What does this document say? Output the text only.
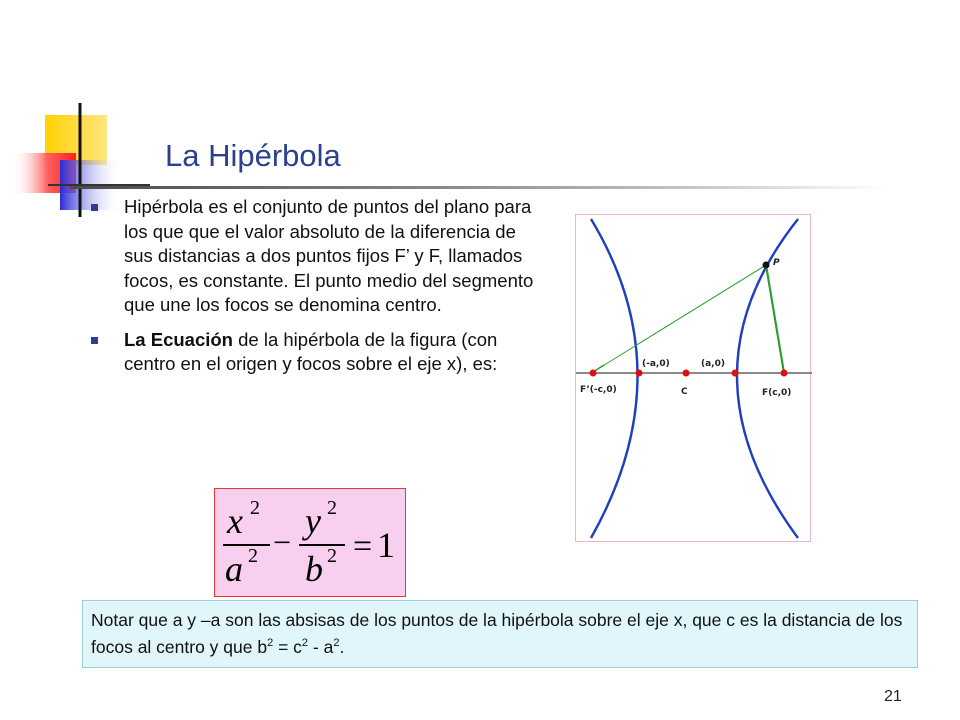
La Hipérbola
Hipérbola es el conjunto de puntos del plano para los que que el valor absoluto de la diferencia de sus distancias a dos puntos fijos F’ y F, llamados focos, es constante. El punto medio del segmento que une los focos se denomina centro.
La Ecuación de la hipérbola de la figura (con centro en el origen y focos sobre el eje x), es:
x 2
a 2 −
y 2
b 2 = 1
P
F’(-c,0)
(-a,0)	(a,0)
C	F(c,0)
Notar que a y –a son las absisas de los puntos de la hipérbola sobre el eje x, que c es la distancia de los focos al centro y que $b^2 = c^2 - a^2$.
21
